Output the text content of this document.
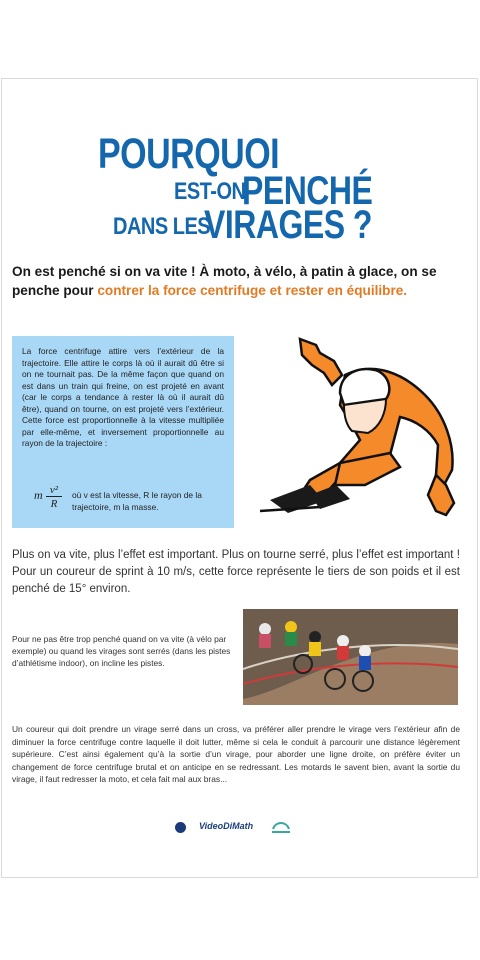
POURQUOI
EST-ON
PENCHÉ
DANS LES
VIRAGES ?
On est penché si on va vite ! À moto, à vélo, à patin à glace, on se penche pour contrer la force centrifuge et rester en équilibre.
La force centrifuge attire vers l’extérieur de la trajectoire. Elle attire le corps là où il aurait dû être si on ne tournait pas. De la même façon que quand on est dans un train qui freine, on est projeté en avant (car le corps a tendance à rester là où il aurait dû être), quand on tourne, on est projeté vers l’extérieur. Cette force est proportionnelle à la vitesse multipliée par elle-même, et inversement proportionnelle au rayon de la trajectoire :
m $\frac{\text{v²}}{R}$ où v est la vitesse, R le rayon de la trajectoire, m la masse.
Plus on va vite, plus l’effet est important. Plus on tourne serré, plus l’effet est important ! Pour un coureur de sprint à 10 m/s, cette force représente le tiers de son poids et il est penché de 15° environ.
Pour ne pas être trop penché quand on va vite (à vélo par exemple) ou quand les virages sont serrés (dans les pistes d’athlétisme indoor), on incline les pistes.
Un coureur qui doit prendre un virage serré dans un cross, va préférer aller prendre le virage vers l’extérieur afin de diminuer la force centrifuge contre laquelle il doit lutter, même si cela le conduit à parcourir une distance légèrement supérieure. C’est ainsi également qu’à la sortie d’un virage, pour aborder une ligne droite, on préfère éviter un changement de force centrifuge brutal et on anticipe en se redressant. Les motards le savent bien, avant la sortie du virage, il faut redresser la moto, et cela fait mal aux bras...
VideoDiMath
